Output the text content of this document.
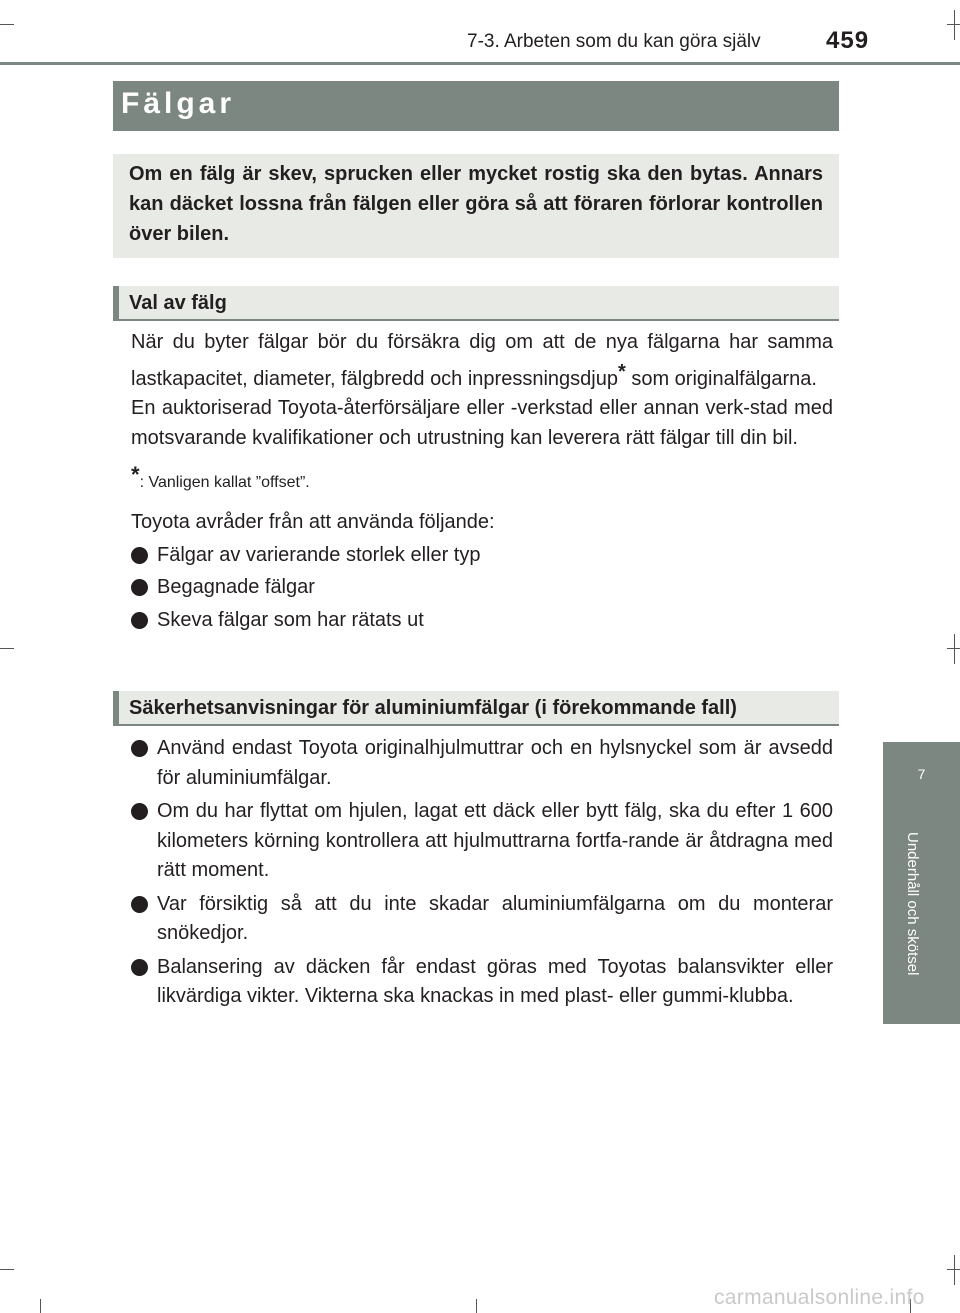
7-3. Arbeten som du kan göra själv	459
7
Underhåll och skötsel
Fälgar

Om en fälg är skev, sprucken eller mycket rostig ska den bytas. Annars kan däcket lossna från fälgen eller göra så att föraren förlorar kontrollen över bilen.

Val av fälg

När du byter fälgar bör du försäkra dig om att de nya fälgarna har samma lastkapacitet, diameter, fälgbredd och inpressningsdjup* som originalfälgarna.

En auktoriserad Toyota-återförsäljare eller -verkstad eller annan verk-stad med motsvarande kvalifikationer och utrustning kan leverera rätt fälgar till din bil.

*: Vanligen kallat ”offset”.

Toyota avråder från att använda följande:

Fälgar av varierande storlek eller typ
Begagnade fälgar
Skeva fälgar som har rätats ut
Säkerhetsanvisningar för aluminiumfälgar (i förekommande fall)
Använd endast Toyota originalhjulmuttrar och en hylsnyckel som är avsedd för aluminiumfälgar.
Om du har flyttat om hjulen, lagat ett däck eller bytt fälg, ska du efter 1 600 kilometers körning kontrollera att hjulmuttrarna fortfa-rande är åtdragna med rätt moment.
Var försiktig så att du inte skadar aluminiumfälgarna om du monterar snökedjor.
Balansering av däcken får endast göras med Toyotas balansvikter eller likvärdiga vikter. Vikterna ska knackas in med plast- eller gummi-klubba.
carmanualsonline.info
